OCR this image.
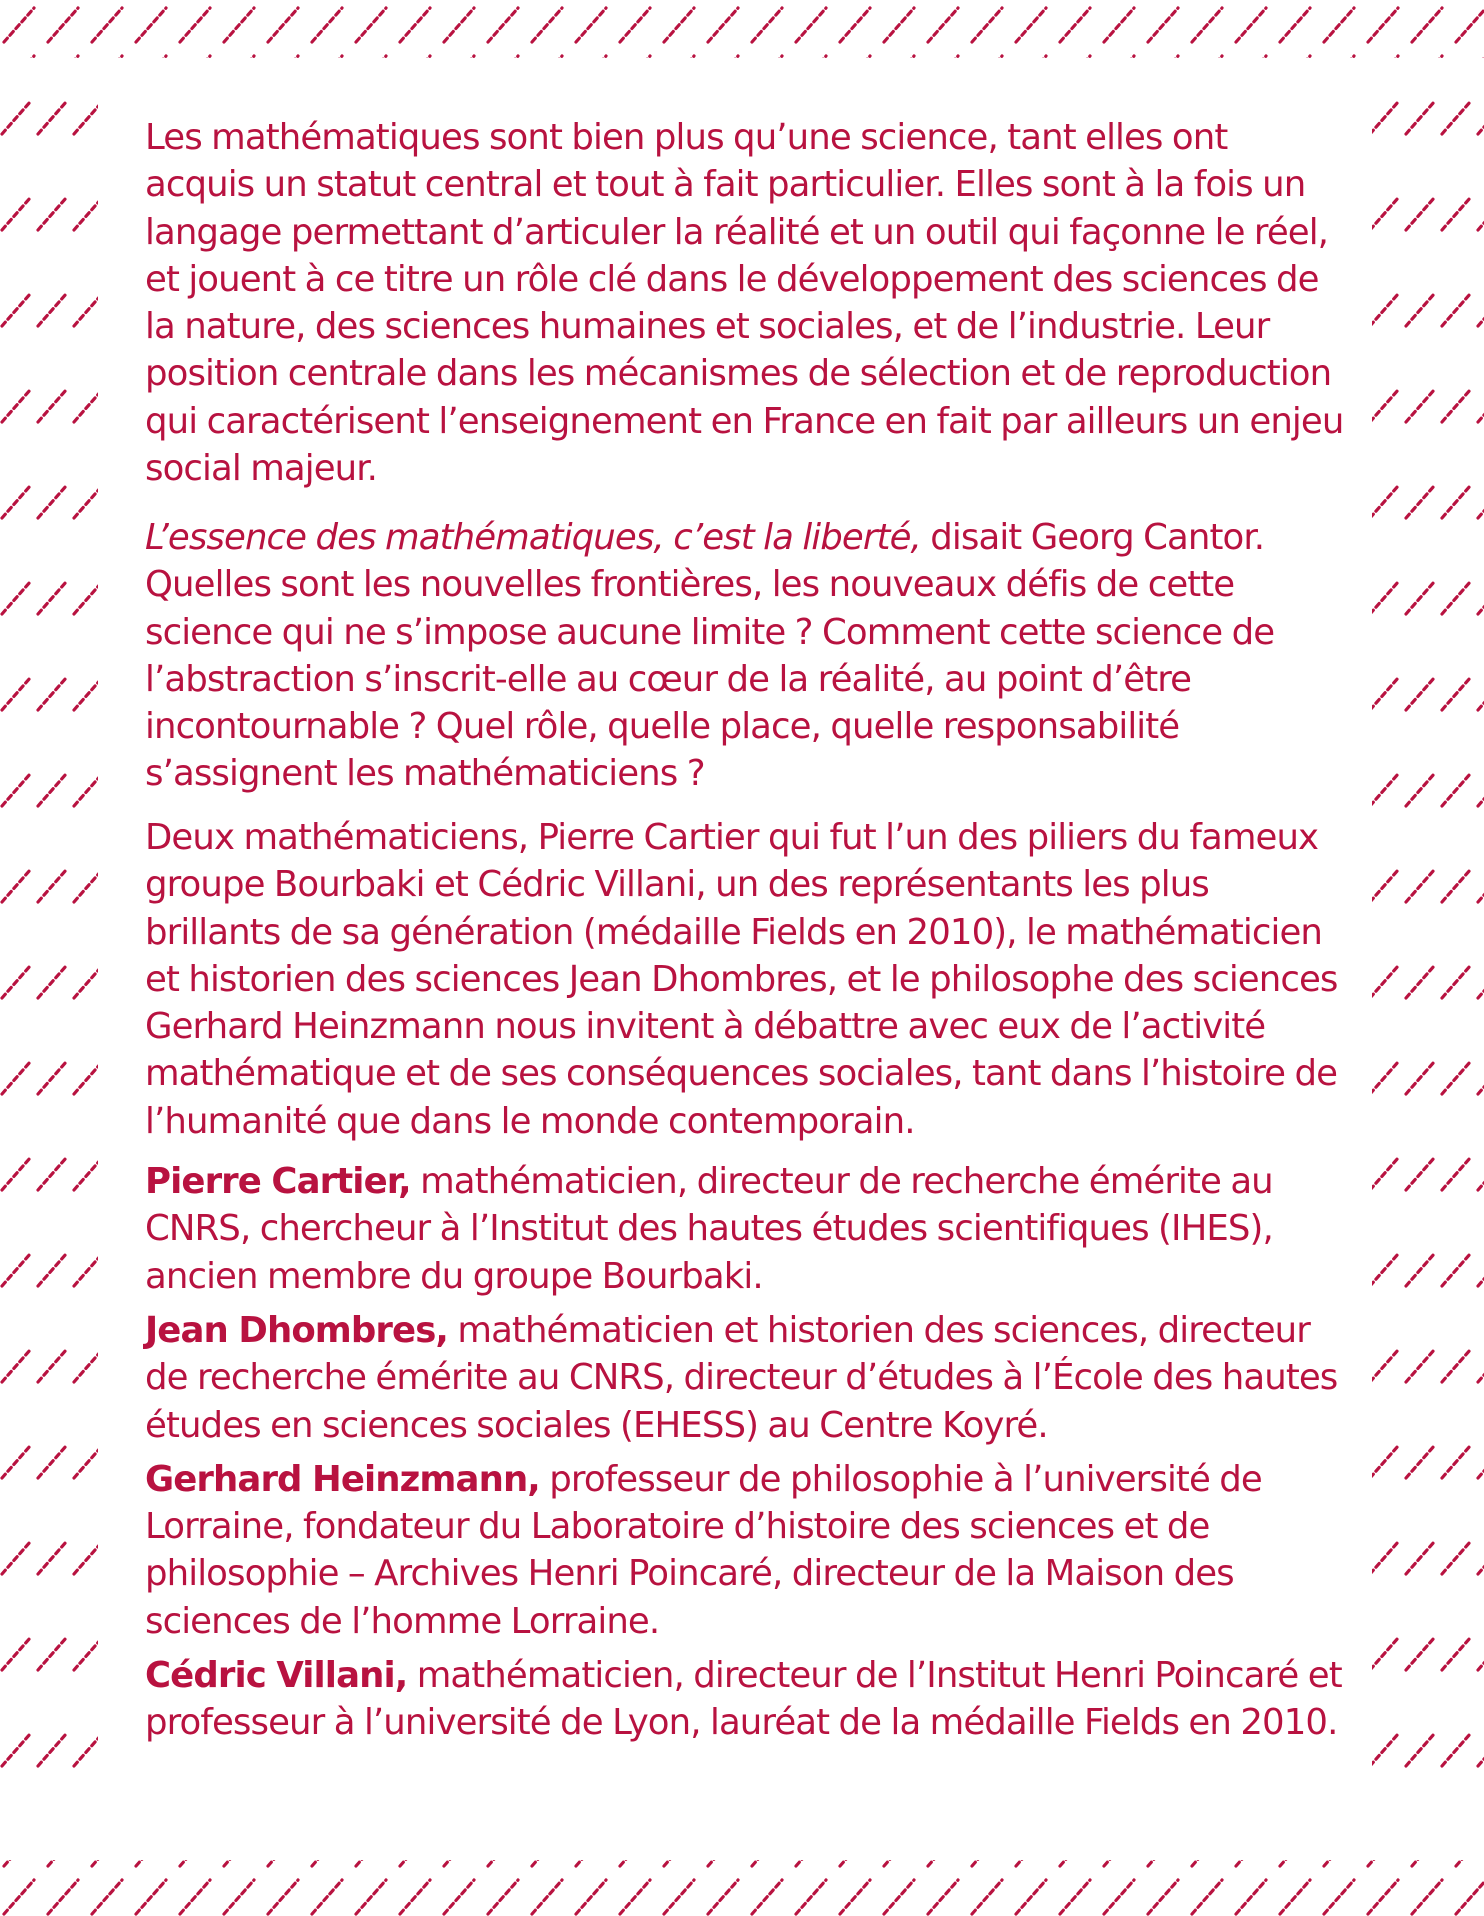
Les mathématiques sont bien plus qu’une science, tant elles ont acquis un statut central et tout à fait particulier. Elles sont à la fois un langage permettant d’articuler la réalité et un outil qui façonne le réel, et jouent à ce titre un rôle clé dans le développement des sciences de la nature, des sciences humaines et sociales, et de l’industrie. Leur position centrale dans les mécanismes de sélection et de reproduction qui caractérisent l’enseignement en France en fait par ailleurs un enjeu social majeur.

L’essence des mathématiques, c’est la liberté, disait Georg Cantor. Quelles sont les nouvelles frontières, les nouveaux défis de cette science qui ne s’impose aucune limite ? Comment cette science de l’abstraction s’inscrit-elle au cœur de la réalité, au point d’être incontournable ? Quel rôle, quelle place, quelle responsabilité s’assignent les mathématiciens ?

Deux mathématiciens, Pierre Cartier qui fut l’un des piliers du fameux groupe Bourbaki et Cédric Villani, un des représentants les plus brillants de sa génération (médaille Fields en 2010), le mathématicien et historien des sciences Jean Dhombres, et le philosophe des sciences Gerhard Heinzmann nous invitent à débattre avec eux de l’activité mathématique et de ses conséquences sociales, tant dans l’histoire de l’humanité que dans le monde contemporain.

Pierre Cartier, mathématicien, directeur de recherche émérite au CNRS, chercheur à l’Institut des hautes études scientifiques (IHES), ancien membre du groupe Bourbaki.

Jean Dhombres, mathématicien et historien des sciences, directeur de recherche émérite au CNRS, directeur d’études à l’École des hautes études en sciences sociales (EHESS) au Centre Koyré.

Gerhard Heinzmann, professeur de philosophie à l’université de Lorraine, fondateur du Laboratoire d’histoire des sciences et de philosophie – Archives Henri Poincaré, directeur de la Maison des sciences de l’homme Lorraine.

Cédric Villani, mathématicien, directeur de l’Institut Henri Poincaré et professeur à l’université de Lyon, lauréat de la médaille Fields en 2010.
